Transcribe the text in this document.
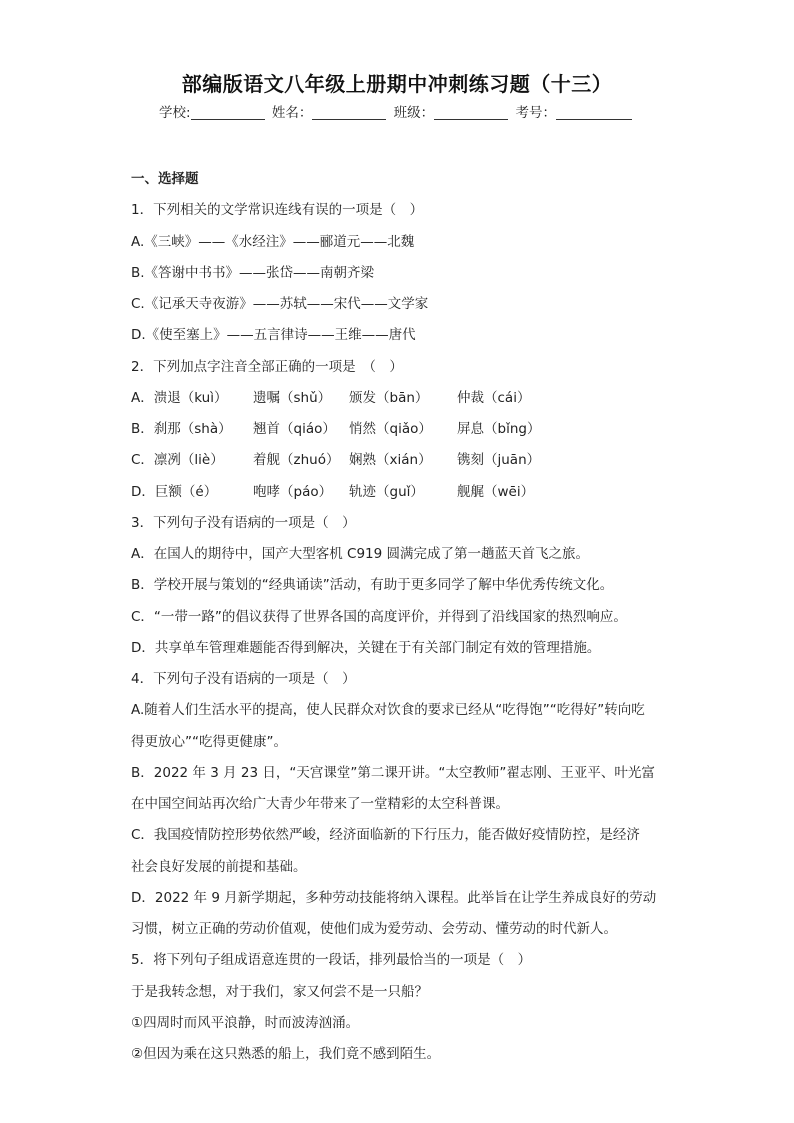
部编版语文八年级上册期中冲刺练习题（十三）
学校:	姓名：	班级：	考号：
一、选择题
1．下列相关的文学常识连线有误的一项是（　）
A.《三峡》——《水经注》——郦道元——北魏
B.《答谢中书书》——张岱——南朝齐梁
C.《记承天寺夜游》——苏轼——宋代——文学家
D.《使至塞上》——五言律诗——王维——唐代
2．下列加点字注音全部正确的一项是　（　）
A．溃退（kuì） 遗嘱（shǔ） 颁发（bān） 仲裁（cái）
B．刹那（shà） 翘首（qiáo） 悄然（qiǎo） 屏息（bǐng）
C．凛冽（liè） 着舰（zhuó） 娴熟（xián） 镌刻（juān）
D．巨额（é）	咆哮（páo） 轨迹（guǐ） 舰艉（wēi）
3．下列句子没有语病的一项是（　）
A．在国人的期待中，国产大型客机 C919 圆满完成了第一趟蓝天首飞之旅。
B．学校开展与策划的“经典诵读”活动，有助于更多同学了解中华优秀传统文化。
C．“一带一路”的倡议获得了世界各国的高度评价，并得到了沿线国家的热烈响应。
D．共享单车管理难题能否得到解决，关键在于有关部门制定有效的管理措施。
4．下列句子没有语病的一项是（　）
A.随着人们生活水平的提高，使人民群众对饮食的要求已经从“吃得饱”“吃得好”转向吃
得更放心”“吃得更健康”。
B．2022 年 3 月 23 日，“天宫课堂”第二课开讲。“太空教师”翟志刚、王亚平、叶光富
在中国空间站再次给广大青少年带来了一堂精彩的太空科普课。
C．我国疫情防控形势依然严峻，经济面临新的下行压力，能否做好疫情防控，是经济
社会良好发展的前提和基础。
D．2022 年 9 月新学期起，多种劳动技能将纳入课程。此举旨在让学生养成良好的劳动
习惯，树立正确的劳动价值观，使他们成为爱劳动、会劳动、懂劳动的时代新人。
5．将下列句子组成语意连贯的一段话，排列最恰当的一项是（　）
于是我转念想，对于我们，家又何尝不是一只船？
①四周时而风平浪静，时而波涛汹涌。
②但因为乘在这只熟悉的船上，我们竟不感到陌生。
